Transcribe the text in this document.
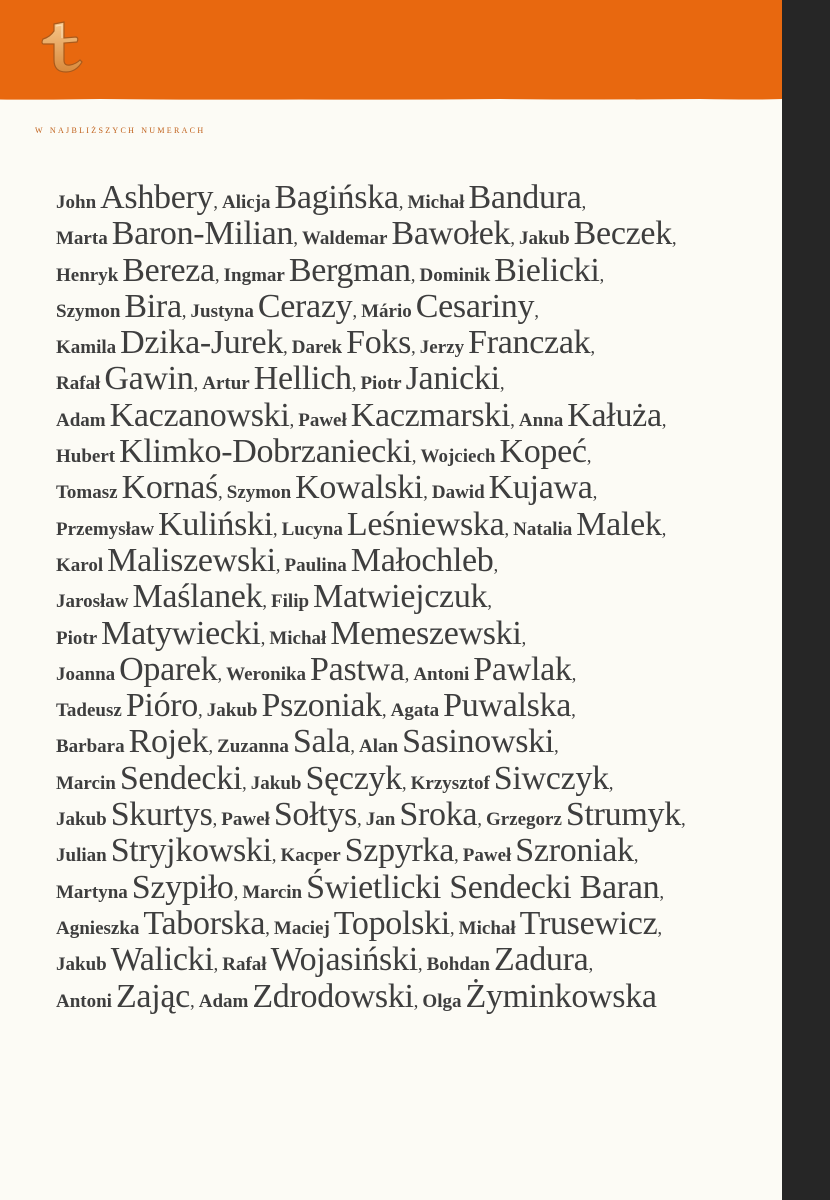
w najbliższych numerach
John Ashbery, Alicja Bagińska, Michał Bandura,
Marta Baron-Milian, Waldemar Bawołek, Jakub Beczek,
Henryk Bereza, Ingmar Bergman, Dominik Bielicki,
Szymon Bira, Justyna Cerazy, Mário Cesariny,
Kamila Dzika-Jurek, Darek Foks, Jerzy Franczak,
Rafał Gawin, Artur Hellich, Piotr Janicki,
Adam Kaczanowski, Paweł Kaczmarski, Anna Kałuża,
Hubert Klimko-Dobrzaniecki, Wojciech Kopeć,
Tomasz Kornaś, Szymon Kowalski, Dawid Kujawa,
Przemysław Kuliński, Lucyna Leśniewska, Natalia Malek,
Karol Maliszewski, Paulina Małochleb,
Jarosław Maślanek, Filip Matwiejczuk,
Piotr Matywiecki, Michał Memeszewski,
Joanna Oparek, Weronika Pastwa, Antoni Pawlak,
Tadeusz Pióro, Jakub Pszoniak, Agata Puwalska,
Barbara Rojek, Zuzanna Sala, Alan Sasinowski,
Marcin Sendecki, Jakub Sęczyk, Krzysztof Siwczyk,
Jakub Skurtys, Paweł Sołtys, Jan Sroka, Grzegorz Strumyk,
Julian Stryjkowski, Kacper Szpyrka, Paweł Szroniak,
Martyna Szypiło, Marcin Świetlicki Sendecki Baran,
Agnieszka Taborska, Maciej Topolski, Michał Trusewicz,
Jakub Walicki, Rafał Wojasiński, Bohdan Zadura,
Antoni Zając, Adam Zdrodowski, Olga Żyminkowska
